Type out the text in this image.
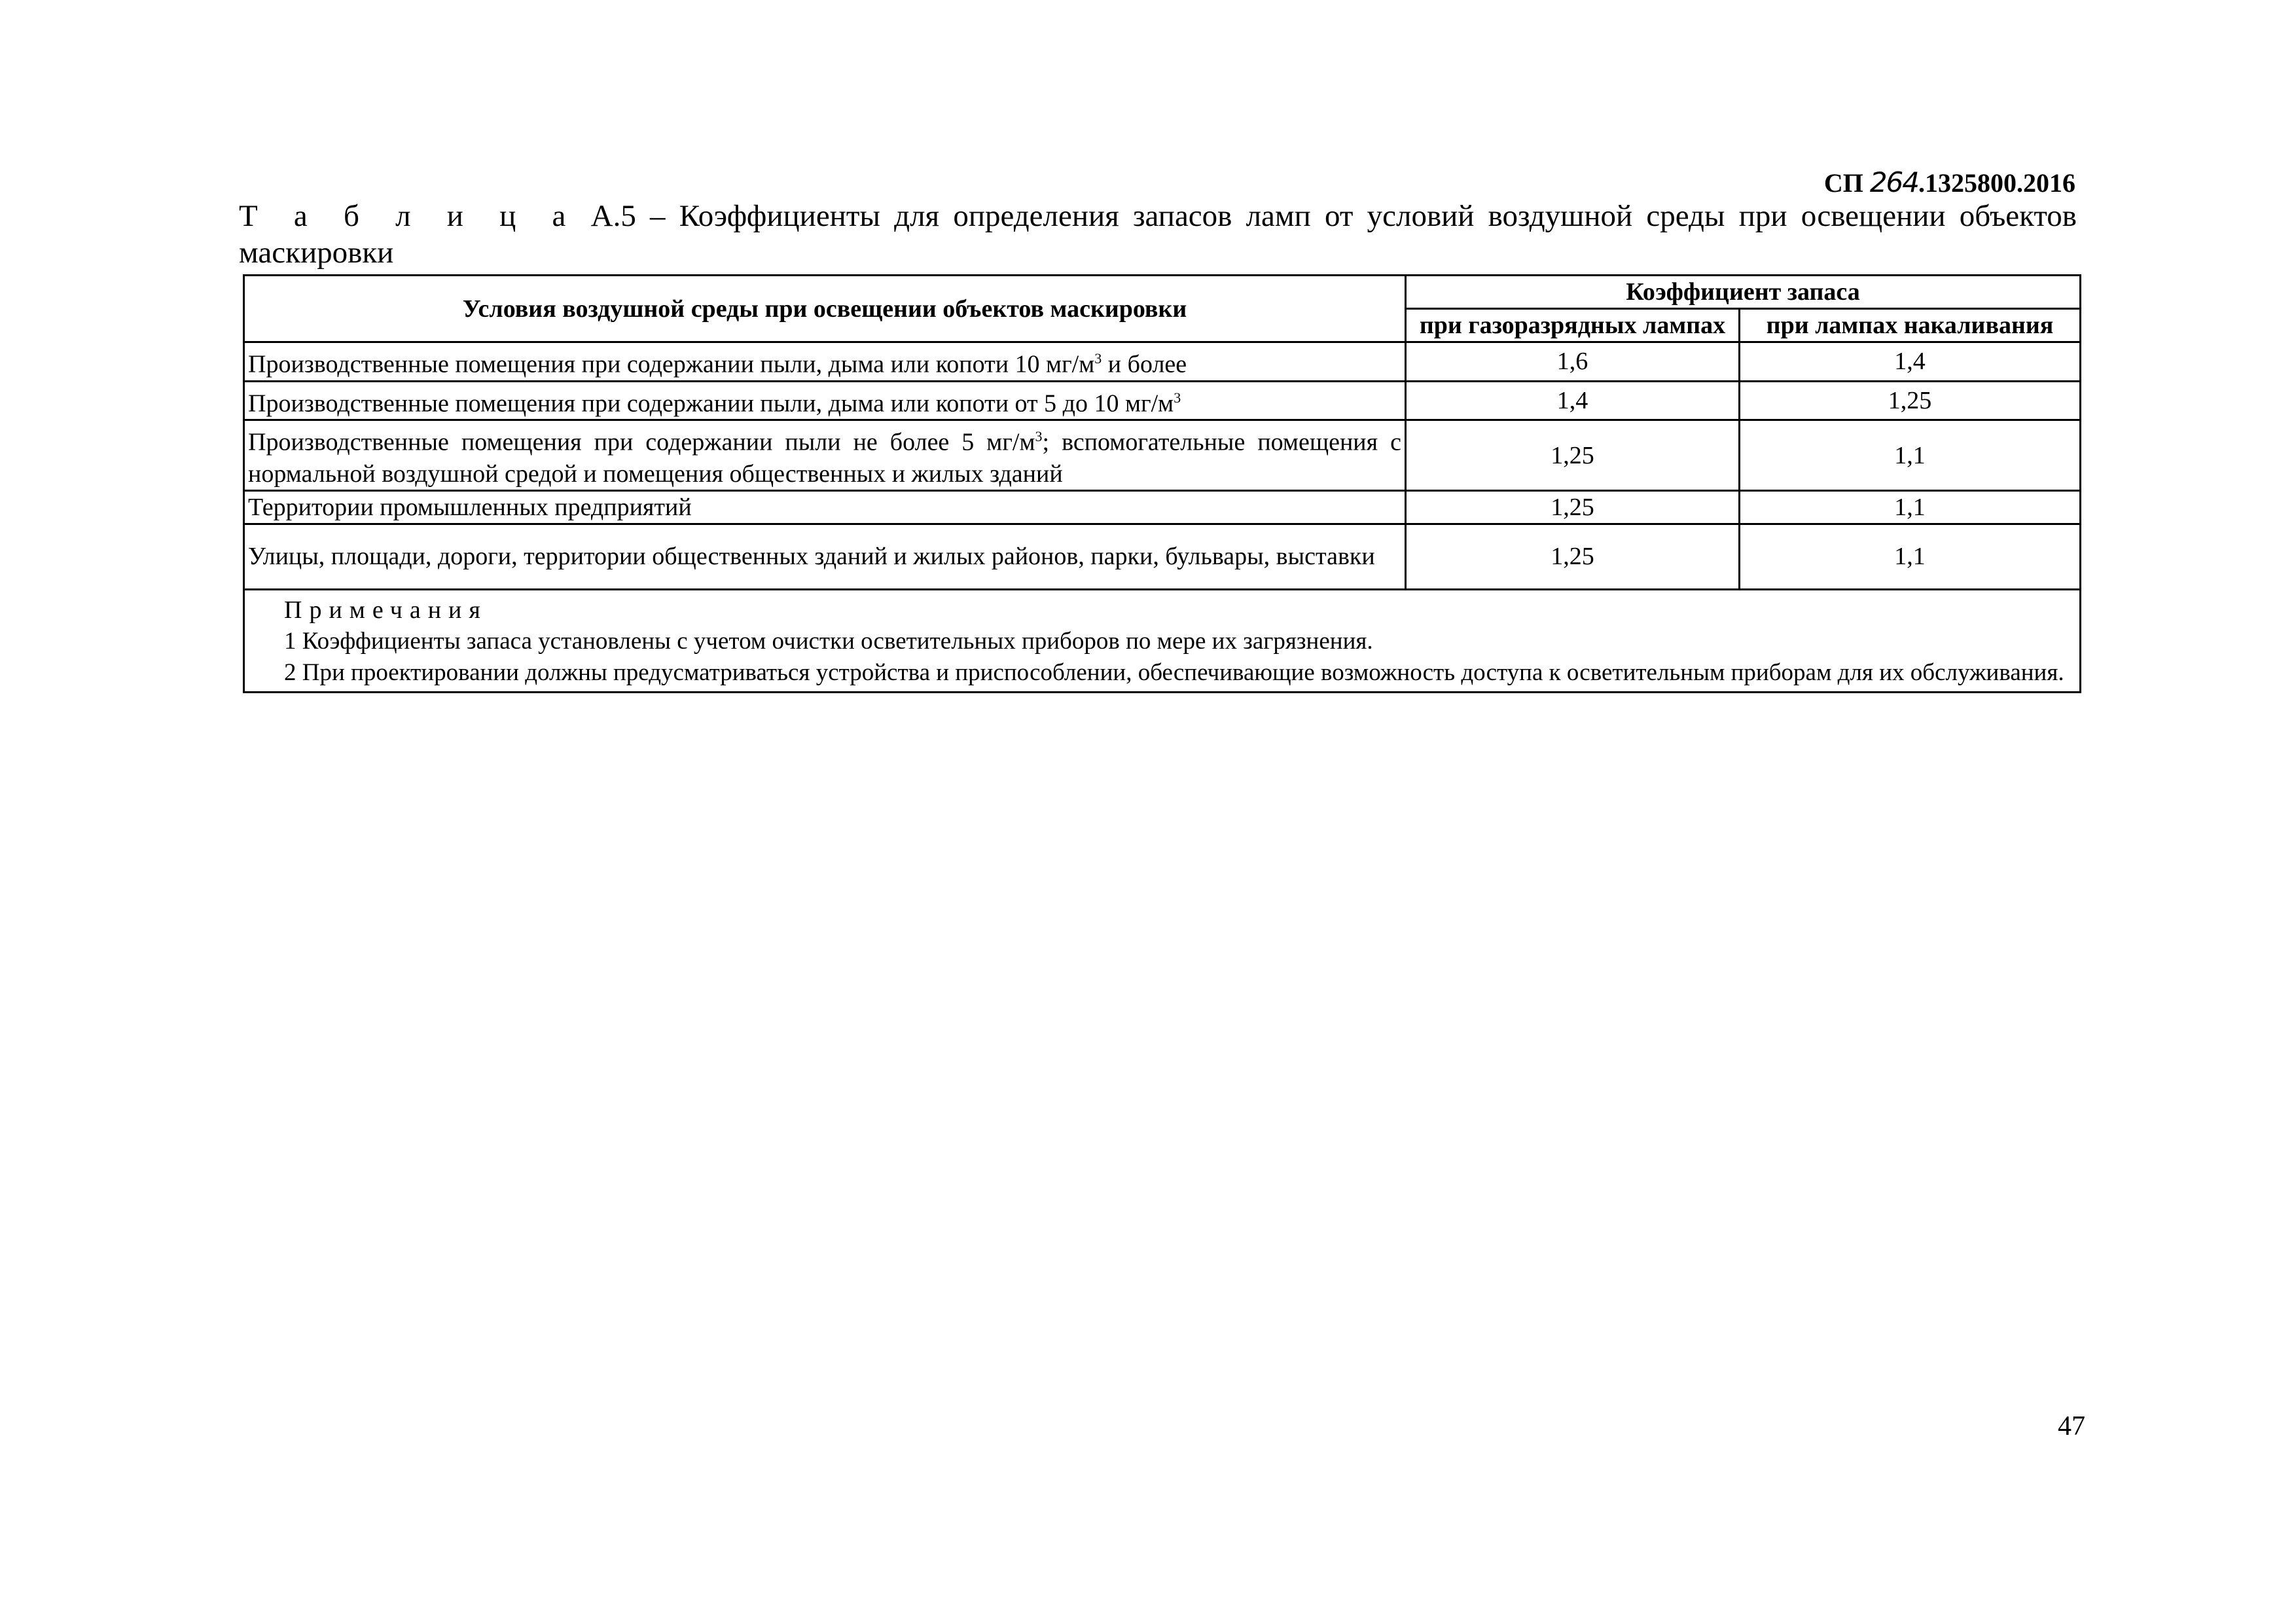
СП 264.1325800.2016
Т а б л и ц а А.5 – Коэффициенты для определения запасов ламп от условий воздушной среды при освещении объектов маскировки
Условия воздушной среды при освещении объектов маскировки	Коэффициент запаса	
	при газоразрядных лампах	при лампах накаливания
Производственные помещения при содержании пыли, дыма или копоти 10 $мг/м^3$ и более	1,6	1,4
Производственные помещения при содержании пыли, дыма или копоти от 5 до 10 $мг/м^3$	1,4	1,25
Производственные помещения при содержании пыли не более 5 $мг/м^3$; вспомогательные помещения с нормальной воздушной средой и помещения общественных и жилых зданий	1,25	1,1
Территории промышленных предприятий	1,25	1,1
Улицы, площади, дороги, территории общественных зданий и жилых районов, парки, бульвары, выставки	1,25	1,1

Примечания
1 Коэффициенты запаса установлены с учетом очистки осветительных приборов по мере их загрязнения.
2 При проектировании должны предусматриваться устройства и приспособлении, обеспечивающие возможность доступа к осветительным приборам для их обслуживания.		
47
